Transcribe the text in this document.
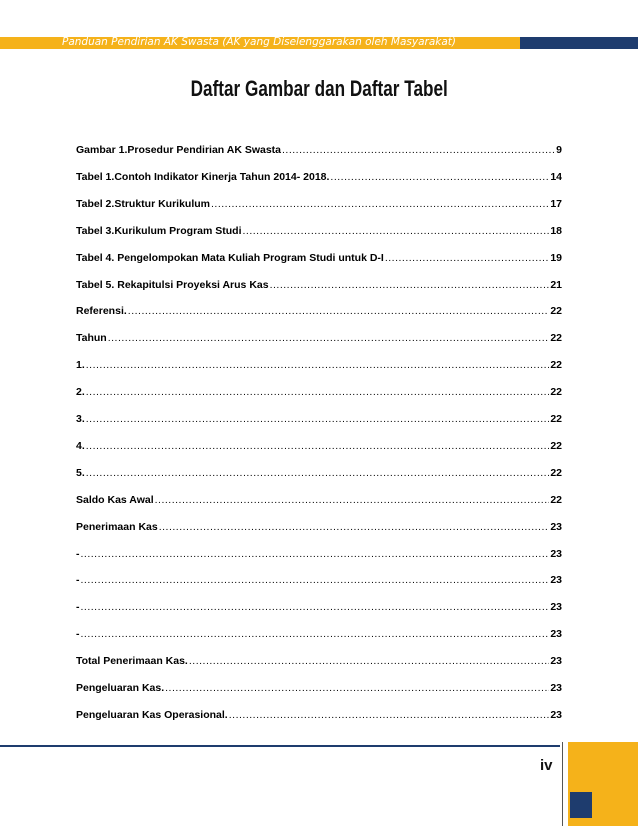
Panduan Pendirian AK Swasta (AK yang Diselenggarakan oleh Masyarakat)
Daftar Gambar dan Daftar Tabel
Gambar 1.Prosedur Pendirian AK Swasta .....	9
Tabel 1.Contoh Indikator Kinerja Tahun 2014- 2018. .....	14
Tabel 2.Struktur Kurikulum .....	17
Tabel 3.Kurikulum Program Studi .....	18
Tabel 4. Pengelompokan Mata Kuliah Program Studi untuk D-I .....	19
Tabel 5. Rekapitulsi Proyeksi Arus Kas .....	21
Referensi. .....	22
Tahun .....	22
1. .....	22
2. .....	22
3. .....	22
4. .....	22
5. .....	22
Saldo Kas Awal .....	22
Penerimaan Kas .....	23
- .....	23
- .....	23
- .....	23
- .....	23
Total Penerimaan Kas. .....	23
Pengeluaran Kas. .....	23
Pengeluaran Kas Operasional. .....	23
iv
